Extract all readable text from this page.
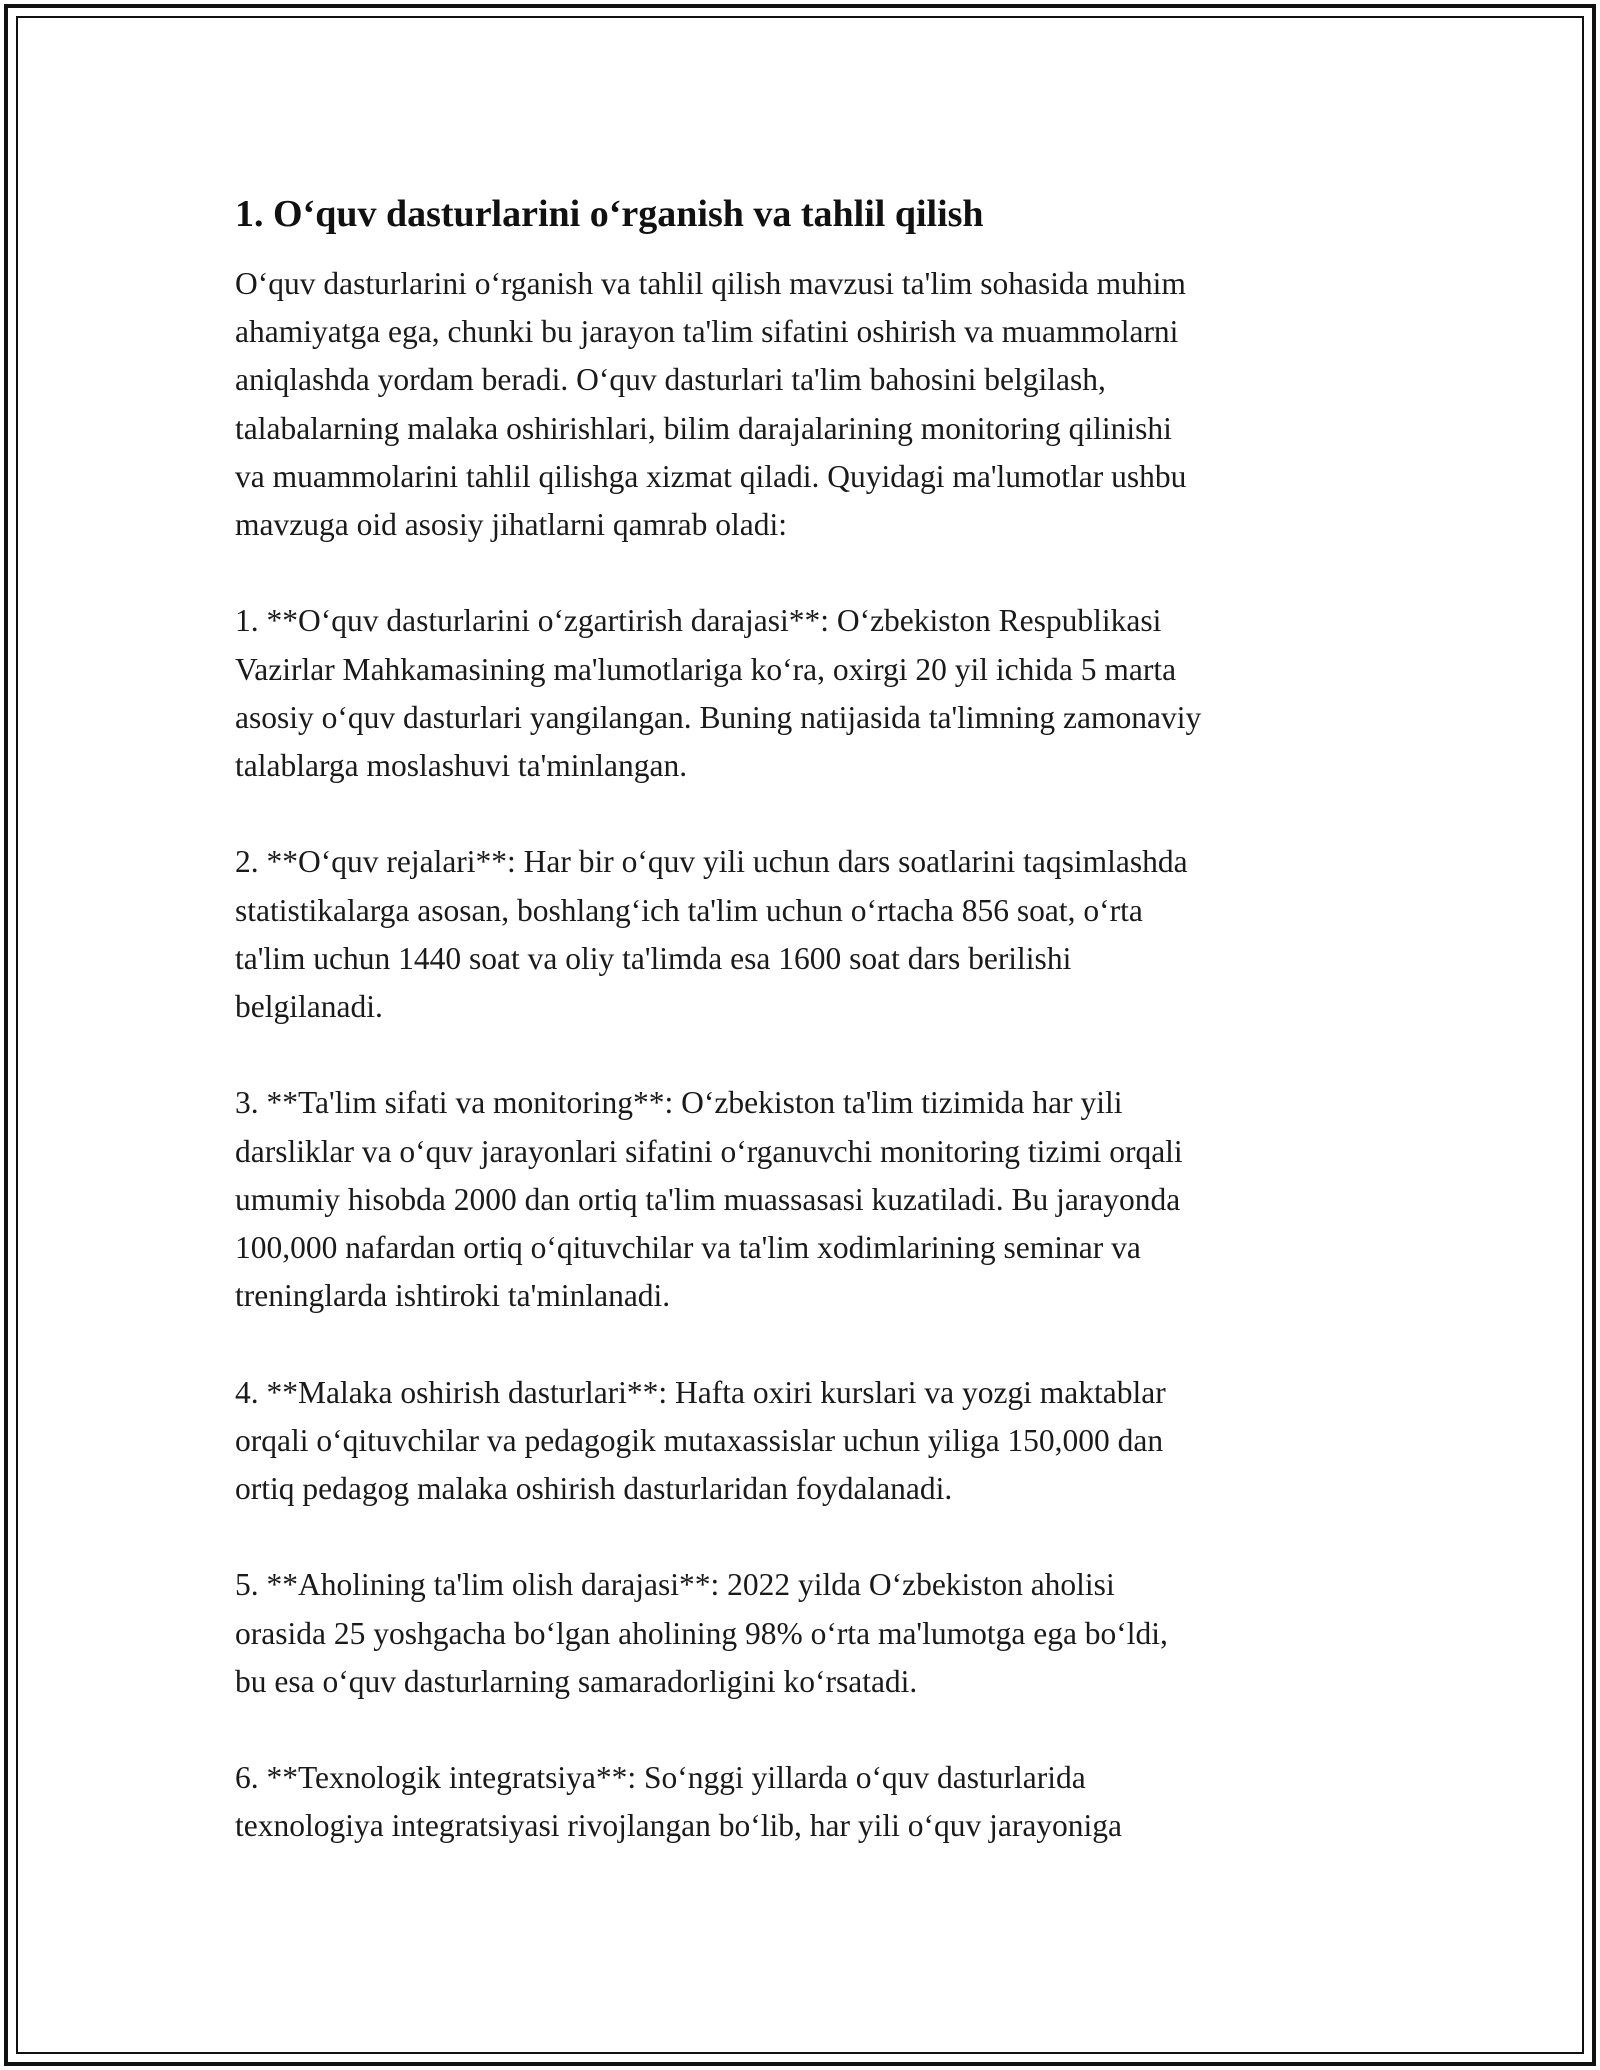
1. O‘quv dasturlarini o‘rganish va tahlil qilish

O‘quv dasturlarini o‘rganish va tahlil qilish mavzusi ta'lim sohasida muhim
ahamiyatga ega, chunki bu jarayon ta'lim sifatini oshirish va muammolarni
aniqlashda yordam beradi. O‘quv dasturlari ta'lim bahosini belgilash,
talabalarning malaka oshirishlari, bilim darajalarining monitoring qilinishi
va muammolarini tahlil qilishga xizmat qiladi. Quyidagi ma'lumotlar ushbu
mavzuga oid asosiy jihatlarni qamrab oladi:

1. **O‘quv dasturlarini o‘zgartirish darajasi**: O‘zbekiston Respublikasi
Vazirlar Mahkamasining ma'lumotlariga ko‘ra, oxirgi 20 yil ichida 5 marta
asosiy o‘quv dasturlari yangilangan. Buning natijasida ta'limning zamonaviy
talablarga moslashuvi ta'minlangan.

2. **O‘quv rejalari**: Har bir o‘quv yili uchun dars soatlarini taqsimlashda
statistikalarga asosan, boshlang‘ich ta'lim uchun o‘rtacha 856 soat, o‘rta
ta'lim uchun 1440 soat va oliy ta'limda esa 1600 soat dars berilishi
belgilanadi.

3. **Ta'lim sifati va monitoring**: O‘zbekiston ta'lim tizimida har yili
darsliklar va o‘quv jarayonlari sifatini o‘rganuvchi monitoring tizimi orqali
umumiy hisobda 2000 dan ortiq ta'lim muassasasi kuzatiladi. Bu jarayonda
100,000 nafardan ortiq o‘qituvchilar va ta'lim xodimlarining seminar va
treninglarda ishtiroki ta'minlanadi.

4. **Malaka oshirish dasturlari**: Hafta oxiri kurslari va yozgi maktablar
orqali o‘qituvchilar va pedagogik mutaxassislar uchun yiliga 150,000 dan
ortiq pedagog malaka oshirish dasturlaridan foydalanadi.

5. **Aholining ta'lim olish darajasi**: 2022 yilda O‘zbekiston aholisi
orasida 25 yoshgacha bo‘lgan aholining 98% o‘rta ma'lumotga ega bo‘ldi,
bu esa o‘quv dasturlarning samaradorligini ko‘rsatadi.

6. **Texnologik integratsiya**: So‘nggi yillarda o‘quv dasturlarida
texnologiya integratsiyasi rivojlangan bo‘lib, har yili o‘quv jarayoniga
